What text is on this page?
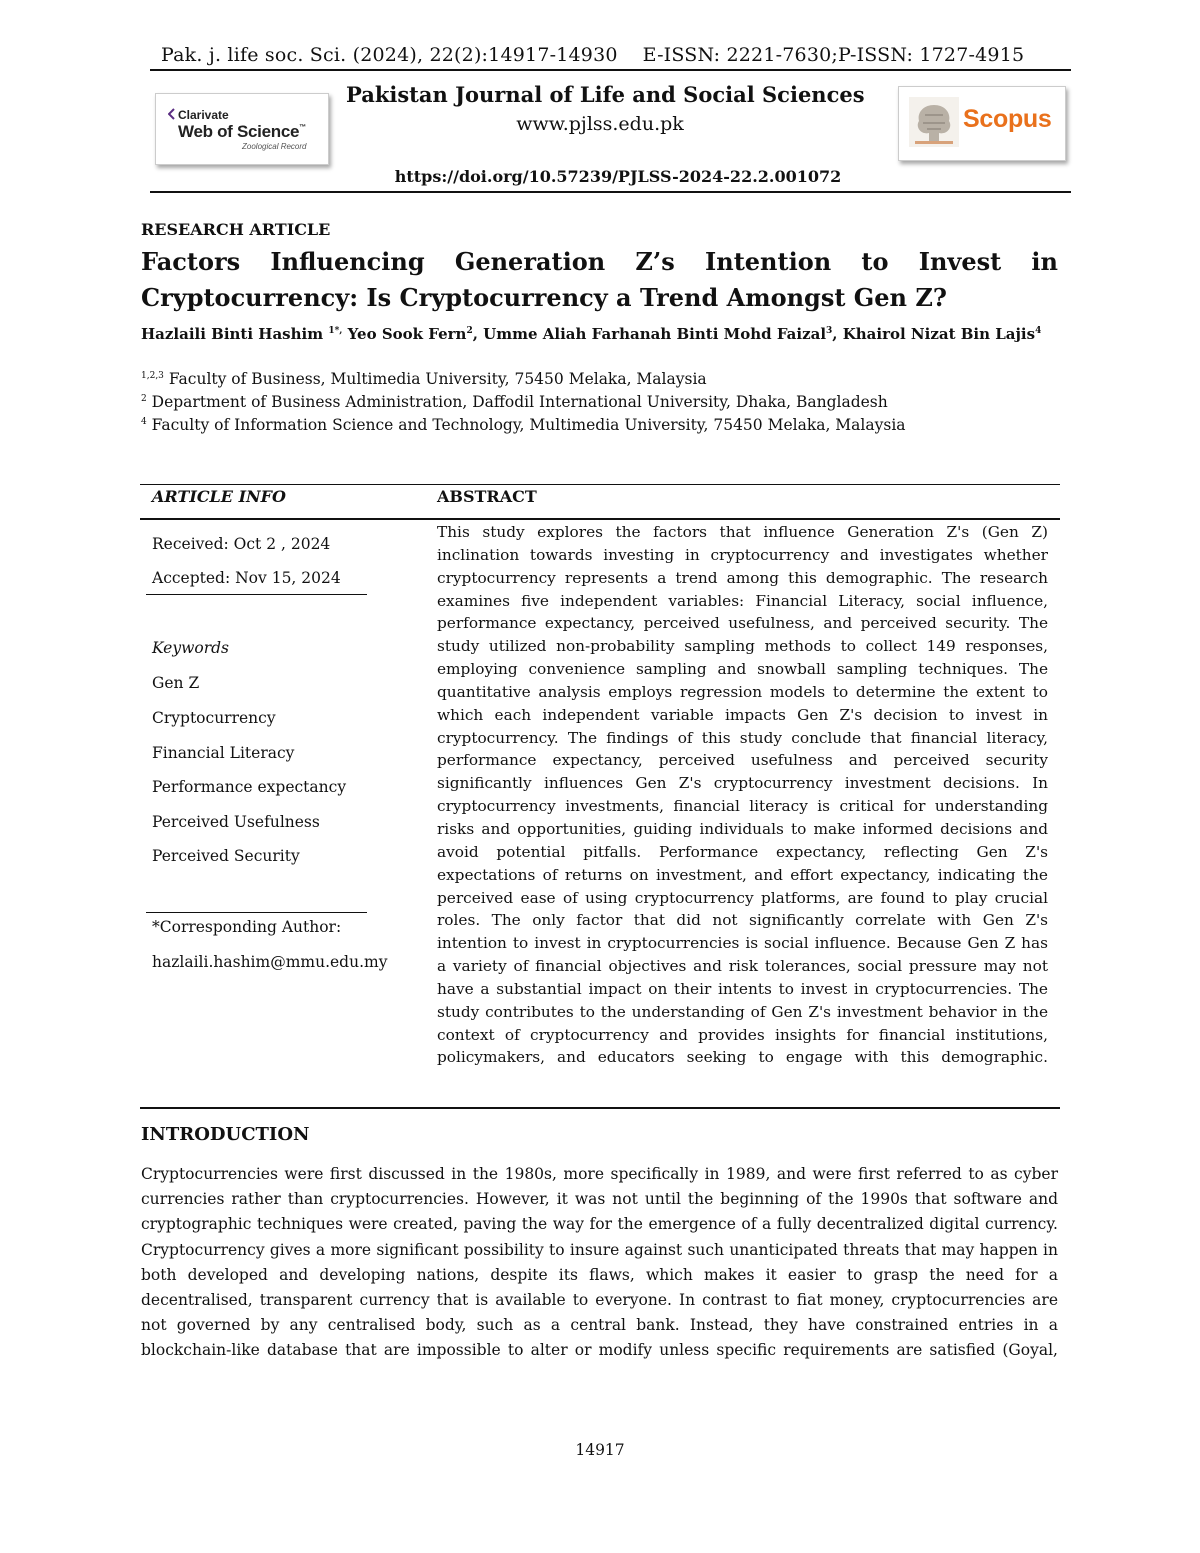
Pak. j. life soc. Sci. (2024), 22(2):14917-14930 E-ISSN: 2221-7630;P-ISSN: 1727-4915
Clarivate
Web of Science™
Zoological Record
Pakistan Journal of Life and Social Sciences
www.pjlss.edu.pk	Scopus
https://doi.org/10.57239/PJLSS-2024-22.2.001072
RESEARCH ARTICLE
Factors Influencing Generation Z’s Intention to Invest in Cryptocurrency: Is Cryptocurrency a Trend Amongst Gen Z?
Hazlaili Binti Hashim $^{1*,}$ Yeo Sook Fern$^2$, Umme Aliah Farhanah Binti Mohd Faizal$^3$, Khairol Nizat Bin Lajis$^4$
$^{1,2,3}$ Faculty of Business, Multimedia University, 75450 Melaka, Malaysia
$^2$ Department of Business Administration, Daffodil International University, Dhaka, Bangladesh
$^4$ Faculty of Information Science and Technology, Multimedia University, 75450 Melaka, Malaysia
ARTICLE INFO	ABSTRACT
Received: Oct 2 , 2024
Accepted: Nov 15, 2024
Keywords
Gen Z
Cryptocurrency
Financial Literacy
Performance expectancy
Perceived Usefulness
Perceived Security
*Corresponding Author:
hazlaili.hashim@mmu.edu.my
This study explores the factors that influence Generation Z's (Gen Z) inclination towards investing in cryptocurrency and investigates whether cryptocurrency represents a trend among this demographic. The research examines five independent variables: Financial Literacy, social influence, performance expectancy, perceived usefulness, and perceived security. The study utilized non-probability sampling methods to collect 149 responses, employing convenience sampling and snowball sampling techniques. The quantitative analysis employs regression models to determine the extent to which each independent variable impacts Gen Z's decision to invest in cryptocurrency. The findings of this study conclude that financial literacy, performance expectancy, perceived usefulness and perceived security significantly influences Gen Z's cryptocurrency investment decisions. In cryptocurrency investments, financial literacy is critical for understanding risks and opportunities, guiding individuals to make informed decisions and avoid potential pitfalls. Performance expectancy, reflecting Gen Z's expectations of returns on investment, and effort expectancy, indicating the perceived ease of using cryptocurrency platforms, are found to play crucial roles. The only factor that did not significantly correlate with Gen Z's intention to invest in cryptocurrencies is social influence. Because Gen Z has a variety of financial objectives and risk tolerances, social pressure may not have a substantial impact on their intents to invest in cryptocurrencies. The study contributes to the understanding of Gen Z's investment behavior in the context of cryptocurrency and provides insights for financial institutions, policymakers, and educators seeking to engage with this demographic.
INTRODUCTION
Cryptocurrencies were first discussed in the 1980s, more specifically in 1989, and were first referred to as cyber currencies rather than cryptocurrencies. However, it was not until the beginning of the 1990s that software and cryptographic techniques were created, paving the way for the emergence of a fully decentralized digital currency. Cryptocurrency gives a more significant possibility to insure against such unanticipated threats that may happen in both developed and developing nations, despite its flaws, which makes it easier to grasp the need for a decentralised, transparent currency that is available to everyone. In contrast to fiat money, cryptocurrencies are not governed by any centralised body, such as a central bank. Instead, they have constrained entries in a blockchain-like database that are impossible to alter or modify unless specific requirements are satisfied (Goyal,
14917
